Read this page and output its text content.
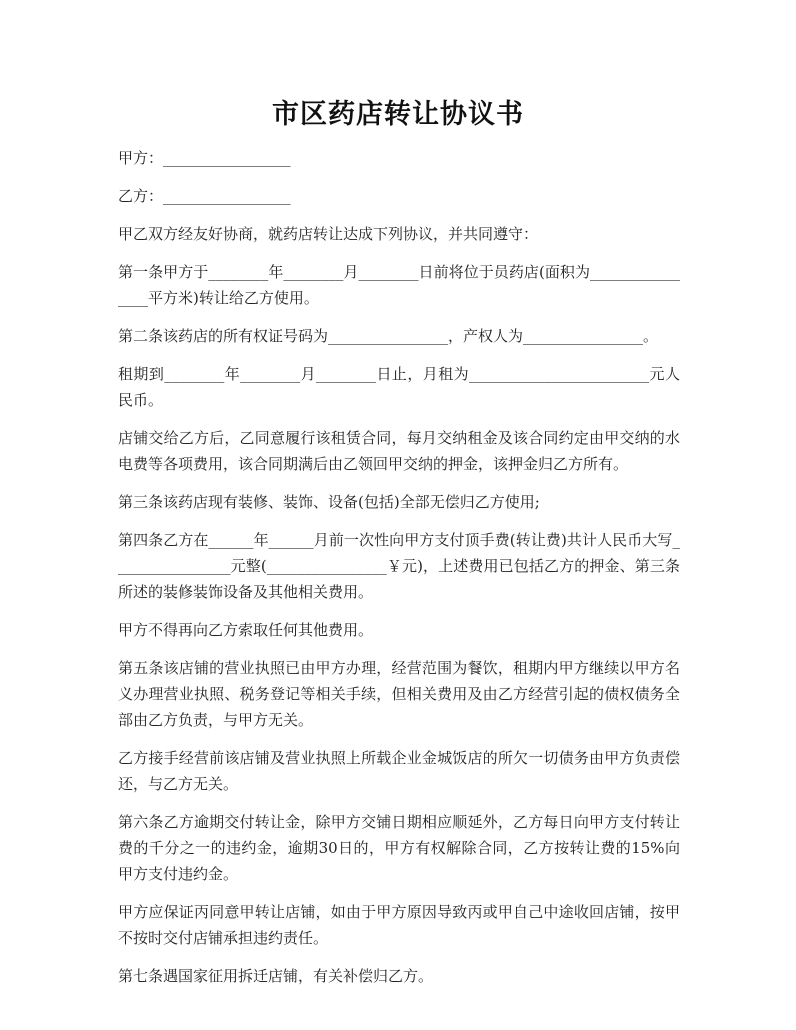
市区药店转让协议书

甲方：_________________

乙方：_________________

甲乙双方经友好协商，就药店转让达成下列协议，并共同遵守：

第一条甲方于________年________月________日前将位于员药店(面积为________________平方米)转让给乙方使用。

第二条该药店的所有权证号码为________________，产权人为________________。

租期到________年________月________日止，月租为________________________元人民币。

店铺交给乙方后，乙同意履行该租赁合同，每月交纳租金及该合同约定由甲交纳的水电费等各项费用，该合同期满后由乙领回甲交纳的押金，该押金归乙方所有。

第三条该药店现有装修、装饰、设备(包括)全部无偿归乙方使用;

第四条乙方在______年______月前一次性向甲方支付顶手费(转让费)共计人民币大写________________元整(________________￥元)，上述费用已包括乙方的押金、第三条所述的装修装饰设备及其他相关费用。

甲方不得再向乙方索取任何其他费用。

第五条该店铺的营业执照已由甲方办理，经营范围为餐饮，租期内甲方继续以甲方名义办理营业执照、税务登记等相关手续，但相关费用及由乙方经营引起的债权债务全部由乙方负责，与甲方无关。

乙方接手经营前该店铺及营业执照上所载企业金城饭店的所欠一切债务由甲方负责偿还，与乙方无关。

第六条乙方逾期交付转让金，除甲方交铺日期相应顺延外，乙方每日向甲方支付转让费的千分之一的违约金，逾期30日的，甲方有权解除合同，乙方按转让费的15%向甲方支付违约金。

甲方应保证丙同意甲转让店铺，如由于甲方原因导致丙或甲自己中途收回店铺，按甲不按时交付店铺承担违约责任。

第七条遇国家征用拆迁店铺，有关补偿归乙方。
